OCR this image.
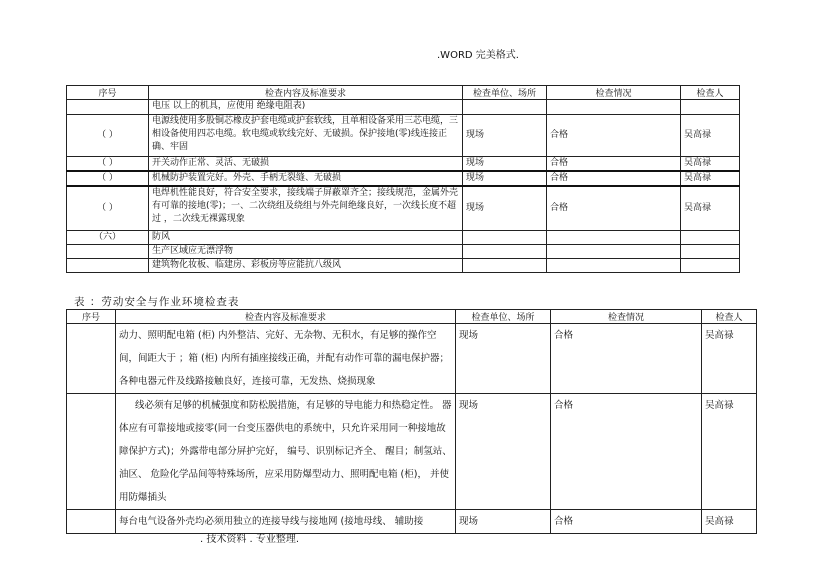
.WORD 完美格式.
序号	检查内容及标准要求	检查单位、场所	检查情况	检查人
	电压 以上的机具，应使用 绝缘电阻表)			
（ ）	电源线使用多股铜芯橡皮护套电缆或护套软线，且单相设备采用三芯电缆，三相设备使用四芯电缆。软电缆或软线完好、无破损。保护接地(零)线连接正确、牢固	现场	合格	吴高禄
（ ）	开关动作正常、灵活、无破损	现场	合格	吴高禄
（ ）	机械防护装置完好。外壳、手柄无裂缝、无破损	现场	合格	吴高禄
（ ）	电焊机性能良好，符合安全要求，接线端子屏蔽罩齐全；接线规范，金属外壳有可靠的接地(零)；一、二次绕组及绕组与外壳间绝缘良好，一次线长度不超过 ，二次线无裸露现象	现场	合格	吴高禄
（六）	防风			
	生产区域应无漂浮物			
	建筑物化妆板、临建房、彩板房等应能抗八级风			
表 ：劳动安全与作业环境检查表
序号	检查内容及标准要求	检查单位、场所	检查情况	检查人
	动力、照明配电箱 (柜) 内外整洁、完好、无杂物、无积水，有足够的操作空间，间距大于 ；箱 (柜) 内所有插座接线正确，并配有动作可靠的漏电保护器；各种电器元件及线路接触良好，连接可靠，无发热、烧损现象	现场	合格	吴高禄
	线必须有足够的机械强度和防松脱措施，有足够的导电能力和热稳定性。 器体应有可靠接地或接零(同一台变压器供电的系统中，只允许采用同一种接地故障保护方式)；外露带电部分屏护完好， 编号、识别标记齐全、 醒目；制氢站、油区、 危险化学品间等特殊场所，应采用防爆型动力、照明配电箱 (柜)， 并使用防爆插头	现场	合格	吴高禄
	每台电气设备外壳均必须用独立的连接导线与接地网 (接地母线、 辅助接	现场	合格	吴高禄
. 技术资料 . 专业整理.
